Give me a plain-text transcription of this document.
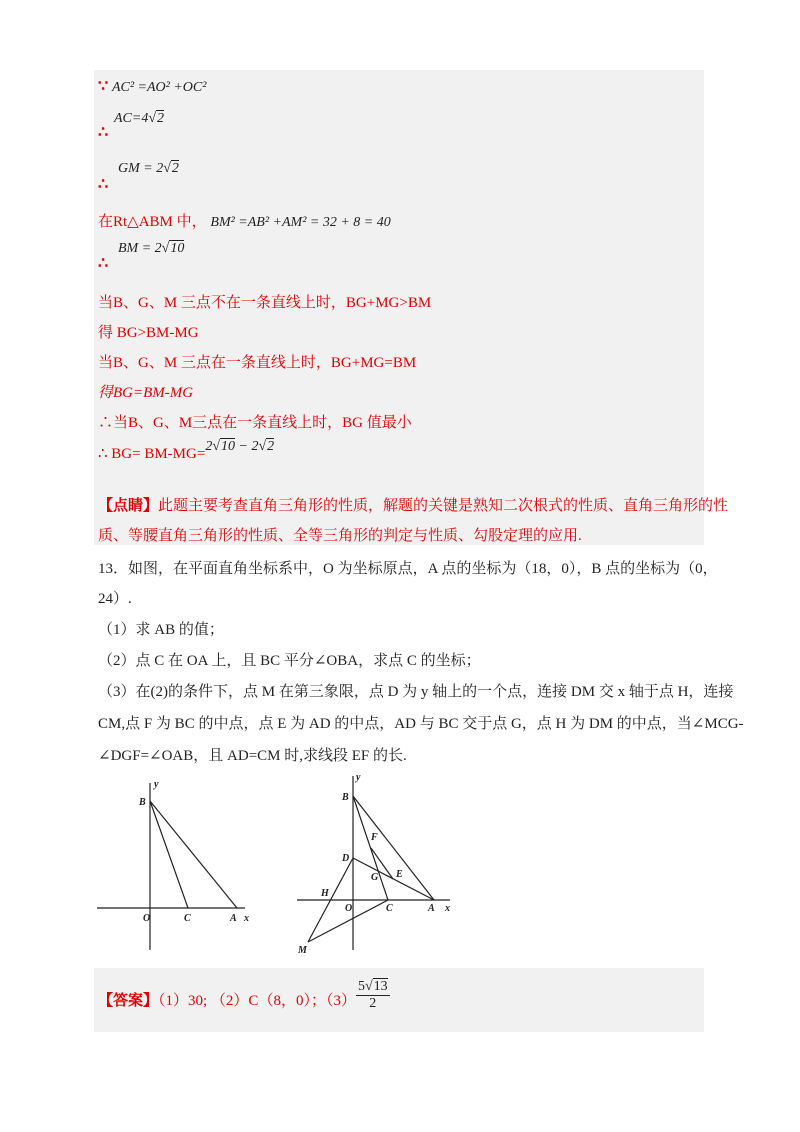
∵ AC² =AO² +OC²
AC=4√2
∴
GM = 2√2
∴
在Rt△ABM 中， BM² =AB² +AM² = 32 + 8 = 40
BM = 2√10
∴
当B、G、M 三点不在一条直线上时，BG+MG>BM
得 BG>BM-MG
当B、G、M 三点在一条直线上时，BG+MG=BM
得BG=BM-MG
∴当B、G、M三点在一条直线上时，BG 值最小
∴ BG= BM-MG=2√10 − 2√2
【点睛】此题主要考查直角三角形的性质，解题的关键是熟知二次根式的性质、直角三角形的性
质、等腰直角三角形的性质、全等三角形的判定与性质、勾股定理的应用.
13．如图，在平面直角坐标系中，O 为坐标原点，A 点的坐标为（18，0），B 点的坐标为（0，
24）.
（1）求 AB 的值；
（2）点 C 在 OA 上，且 BC 平分∠OBA，求点 C 的坐标；
（3）在(2)的条件下，点 M 在第三象限，点 D 为 y 轴上的一个点，连接 DM 交 x 轴于点 H，连接
CM,点 F 为 BC 的中点，点 E 为 AD 的中点，AD 与 BC 交于点 G，点 H 为 DM 的中点，当∠MCG-
∠DGF=∠OAB，且 AD=CM 时,求线段 EF 的长.
y
B
O	C	A x
y
B
F
D
G E
H
O	C	A x
M
【答案】（1）30; （2）C（8，0）；$(3) \frac{5√13}{2}$
